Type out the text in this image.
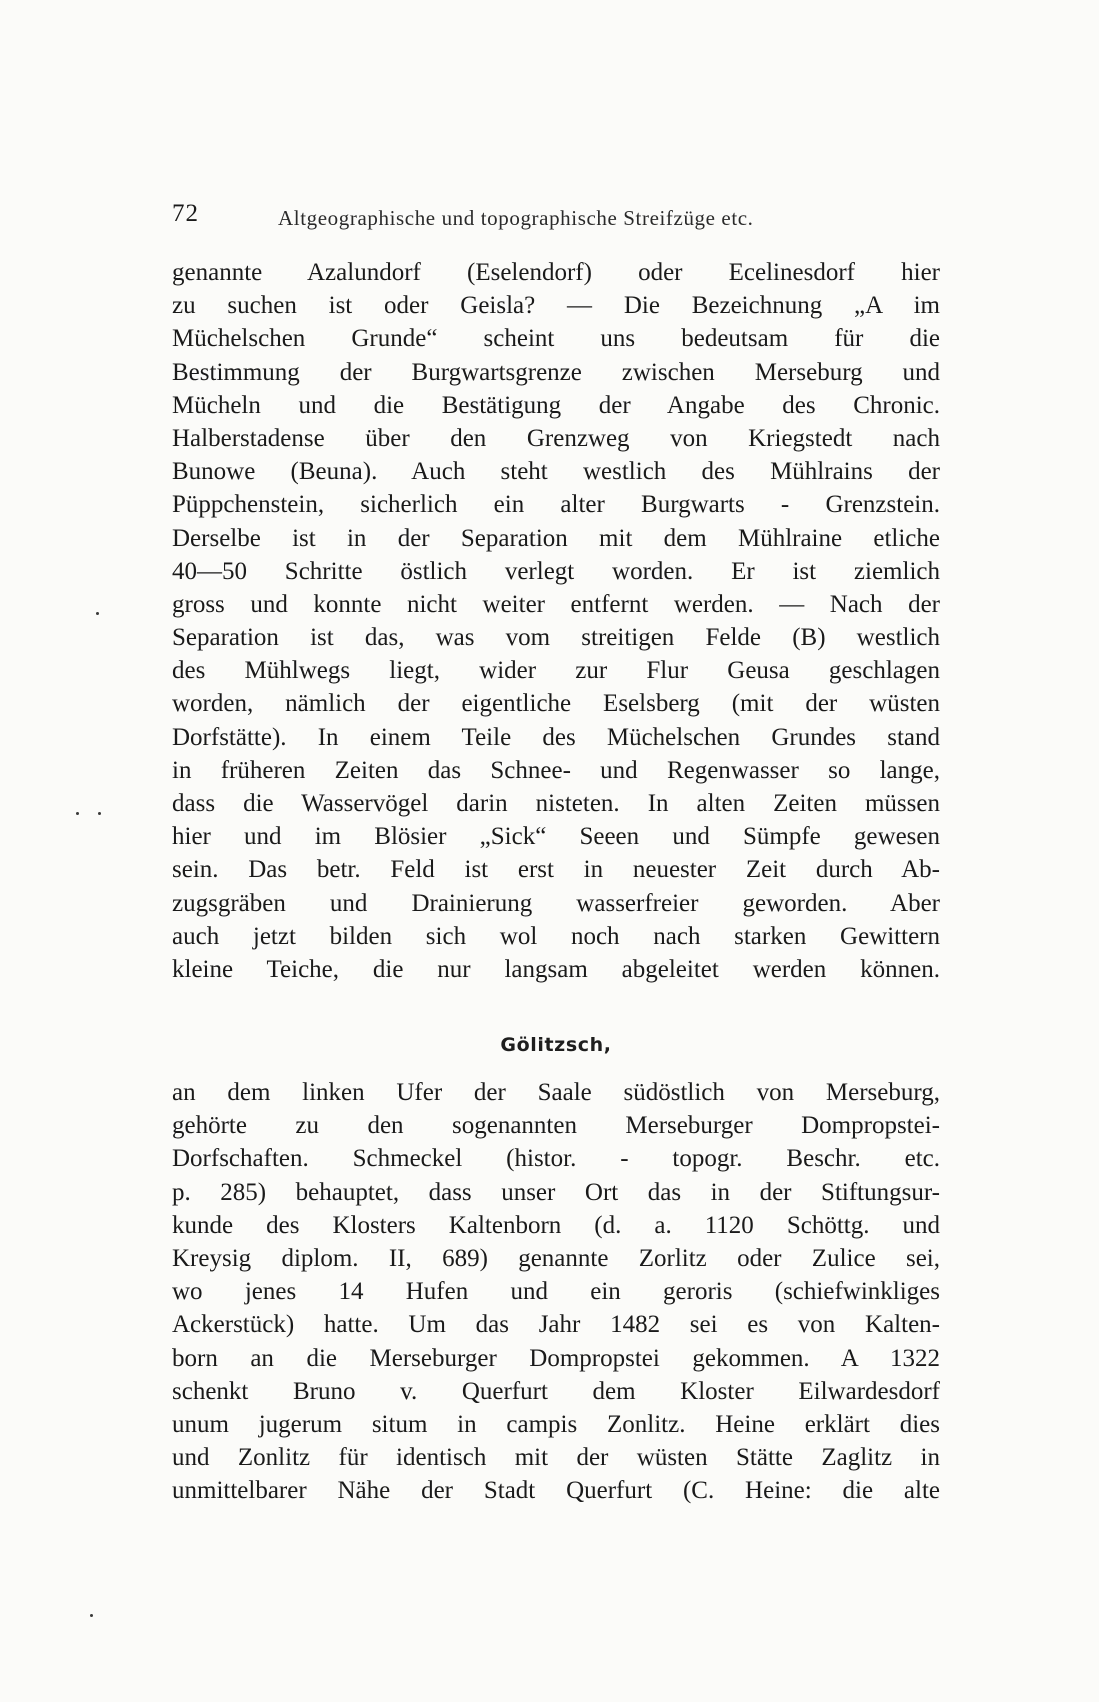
72	Altgeographische und topographische Streifzüge etc.
genannte Azalundorf (Eselendorf) oder Ecelinesdorf hier
zu suchen ist oder Geisla? — Die Bezeichnung „A im
Müchelschen Grunde“ scheint uns bedeutsam für die
Bestimmung der Burgwartsgrenze zwischen Merseburg und
Mücheln und die Bestätigung der Angabe des Chronic.
Halberstadense über den Grenzweg von Kriegstedt nach
Bunowe (Beuna). Auch steht westlich des Mühlrains der
Püppchenstein, sicherlich ein alter Burgwarts - Grenzstein.
Derselbe ist in der Separation mit dem Mühlraine etliche
40—50 Schritte östlich verlegt worden. Er ist ziemlich
gross und konnte nicht weiter entfernt werden. — Nach der
Separation ist das, was vom streitigen Felde (B) westlich
des Mühlwegs liegt, wider zur Flur Geusa geschlagen
worden, nämlich der eigentliche Eselsberg (mit der wüsten
Dorfstätte). In einem Teile des Müchelschen Grundes stand
in früheren Zeiten das Schnee- und Regenwasser so lange,
dass die Wasservögel darin nisteten. In alten Zeiten müssen
hier und im Blösier „Sick“ Seeen und Sümpfe gewesen
sein. Das betr. Feld ist erst in neuester Zeit durch Ab-
zugsgräben und Drainierung wasserfreier geworden. Aber
auch jetzt bilden sich wol noch nach starken Gewittern
kleine Teiche, die nur langsam abgeleitet werden können.
Gölitzsch,
an dem linken Ufer der Saale südöstlich von Merseburg,
gehörte zu den sogenannten Merseburger Dompropstei-
Dorfschaften. Schmeckel (histor. - topogr. Beschr. etc.
p. 285) behauptet, dass unser Ort das in der Stiftungsur-
kunde des Klosters Kaltenborn (d. a. 1120 Schöttg. und
Kreysig diplom. II, 689) genannte Zorlitz oder Zulice sei,
wo jenes 14 Hufen und ein geroris (schiefwinkliges
Ackerstück) hatte. Um das Jahr 1482 sei es von Kalten-
born an die Merseburger Dompropstei gekommen. A 1322
schenkt Bruno v. Querfurt dem Kloster Eilwardesdorf
unum jugerum situm in campis Zonlitz. Heine erklärt dies
und Zonlitz für identisch mit der wüsten Stätte Zaglitz in
unmittelbarer Nähe der Stadt Querfurt (C. Heine: die alte
